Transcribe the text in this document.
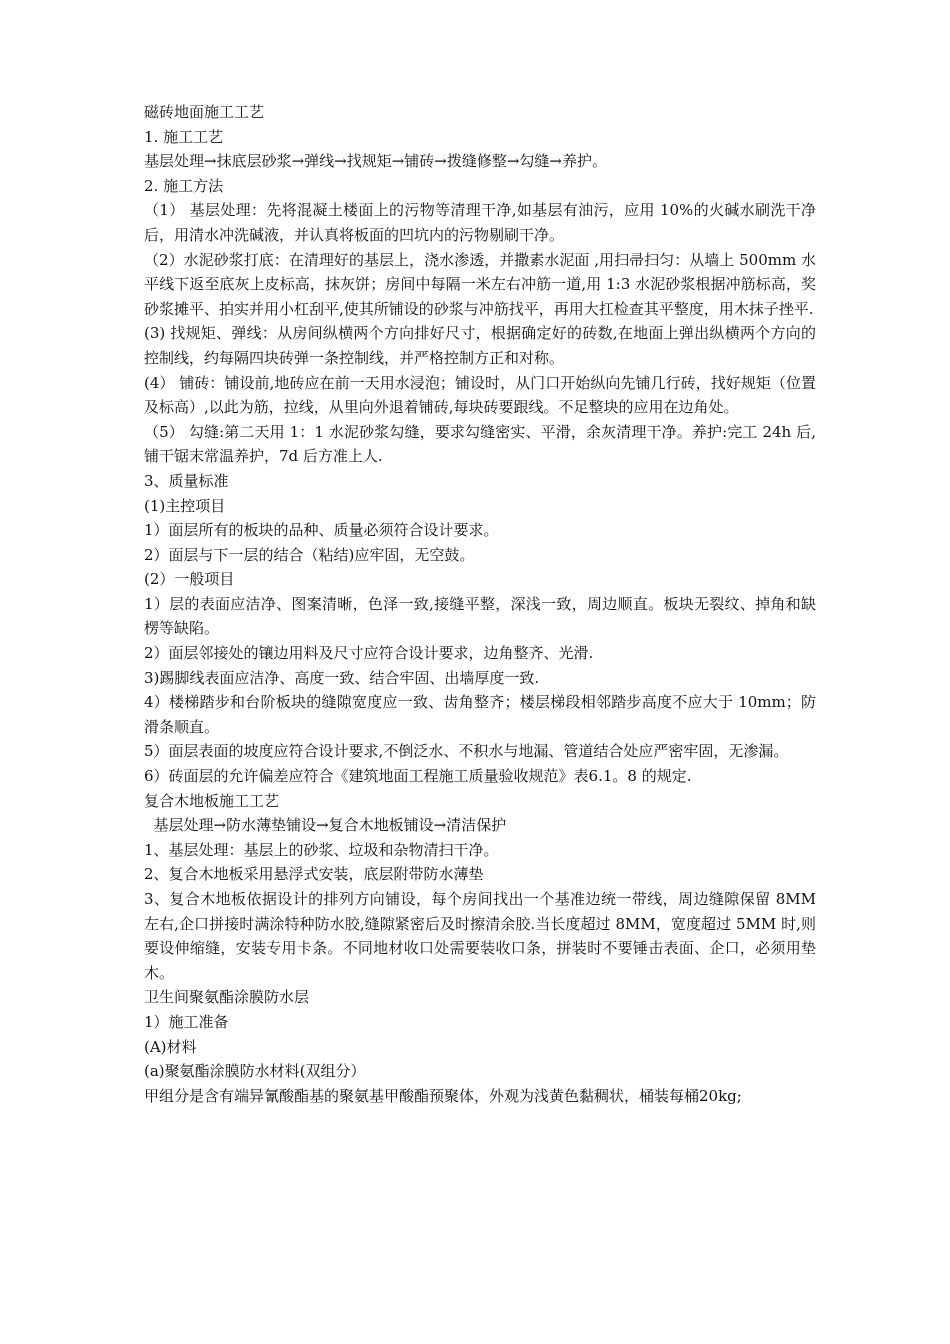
磁砖地面施工工艺

1. 施工工艺

基层处理→抹底层砂浆→弹线→找规矩→铺砖→拨缝修整→勾缝→养护。

2. 施工方法

（1） 基层处理：先将混凝土楼面上的污物等清理干净,如基层有油污，应用 10%的火碱水刷洗干净后，用清水冲洗碱液，并认真将板面的凹坑内的污物剔刷干净。

（2）水泥砂浆打底：在清理好的基层上，浇水渗透，并撒素水泥面 ,用扫帚扫匀：从墙上 500mm 水平线下返至底灰上皮标高，抹灰饼；房间中每隔一米左右冲筋一道,用 1:3 水泥砂浆根据冲筋标高，奖砂浆摊平、拍实并用小杠刮平,使其所铺设的砂浆与冲筋找平，再用大扛检查其平整度，用木抹子挫平.

(3) 找规矩、弹线：从房间纵横两个方向排好尺寸，根据确定好的砖数,在地面上弹出纵横两个方向的控制线，约每隔四块砖弹一条控制线，并严格控制方正和对称。

(4） 铺砖：铺设前,地砖应在前一天用水浸泡；铺设时，从门口开始纵向先铺几行砖，找好规矩（位置及标高）,以此为筋，拉线，从里向外退着铺砖,每块砖要跟线。不足整块的应用在边角处。

（5） 勾缝:第二天用 1：1 水泥砂浆勾缝，要求勾缝密实、平滑，余灰清理干净。养护:完工 24h 后,铺干锯末常温养护，7d 后方准上人.

3、质量标准

(1)主控项目

1）面层所有的板块的品种、质量必须符合设计要求。

2）面层与下一层的结合（粘结)应牢固，无空鼓。

(2）一般项目

1）层的表面应洁净、图案清晰，色泽一致,接缝平整，深浅一致，周边顺直。板块无裂纹、掉角和缺楞等缺陷。

2）面层邻接处的镶边用料及尺寸应符合设计要求，边角整齐、光滑.

3)踢脚线表面应洁净、高度一致、结合牢固、出墙厚度一致.

4）楼梯踏步和台阶板块的缝隙宽度应一致、齿角整齐；楼层梯段相邻踏步高度不应大于 10mm；防滑条顺直。

5）面层表面的坡度应符合设计要求,不倒泛水、不积水与地漏、管道结合处应严密牢固，无渗漏。

6）砖面层的允许偏差应符合《建筑地面工程施工质量验收规范》表6.1。8 的规定.

复合木地板施工工艺

基层处理→防水薄垫铺设→复合木地板铺设→清洁保护

1、基层处理：基层上的砂浆、垃圾和杂物清扫干净。

2、复合木地板采用悬浮式安装，底层附带防水薄垫

3、复合木地板依据设计的排列方向铺设，每个房间找出一个基准边统一带线，周边缝隙保留 8MM 左右,企口拼接时满涂特种防水胶,缝隙紧密后及时擦清余胶.当长度超过 8MM，宽度超过 5MM 时,则要设伸缩缝，安装专用卡条。不同地材收口处需要装收口条，拼装时不要锤击表面、企口，必须用垫木。

卫生间聚氨酯涂膜防水层

1）施工准备

(A)材料

(a)聚氨酯涂膜防水材料(双组分）

甲组分是含有端异氰酸酯基的聚氨基甲酸酯预聚体，外观为浅黄色黏稠状，桶装每桶20kg;
